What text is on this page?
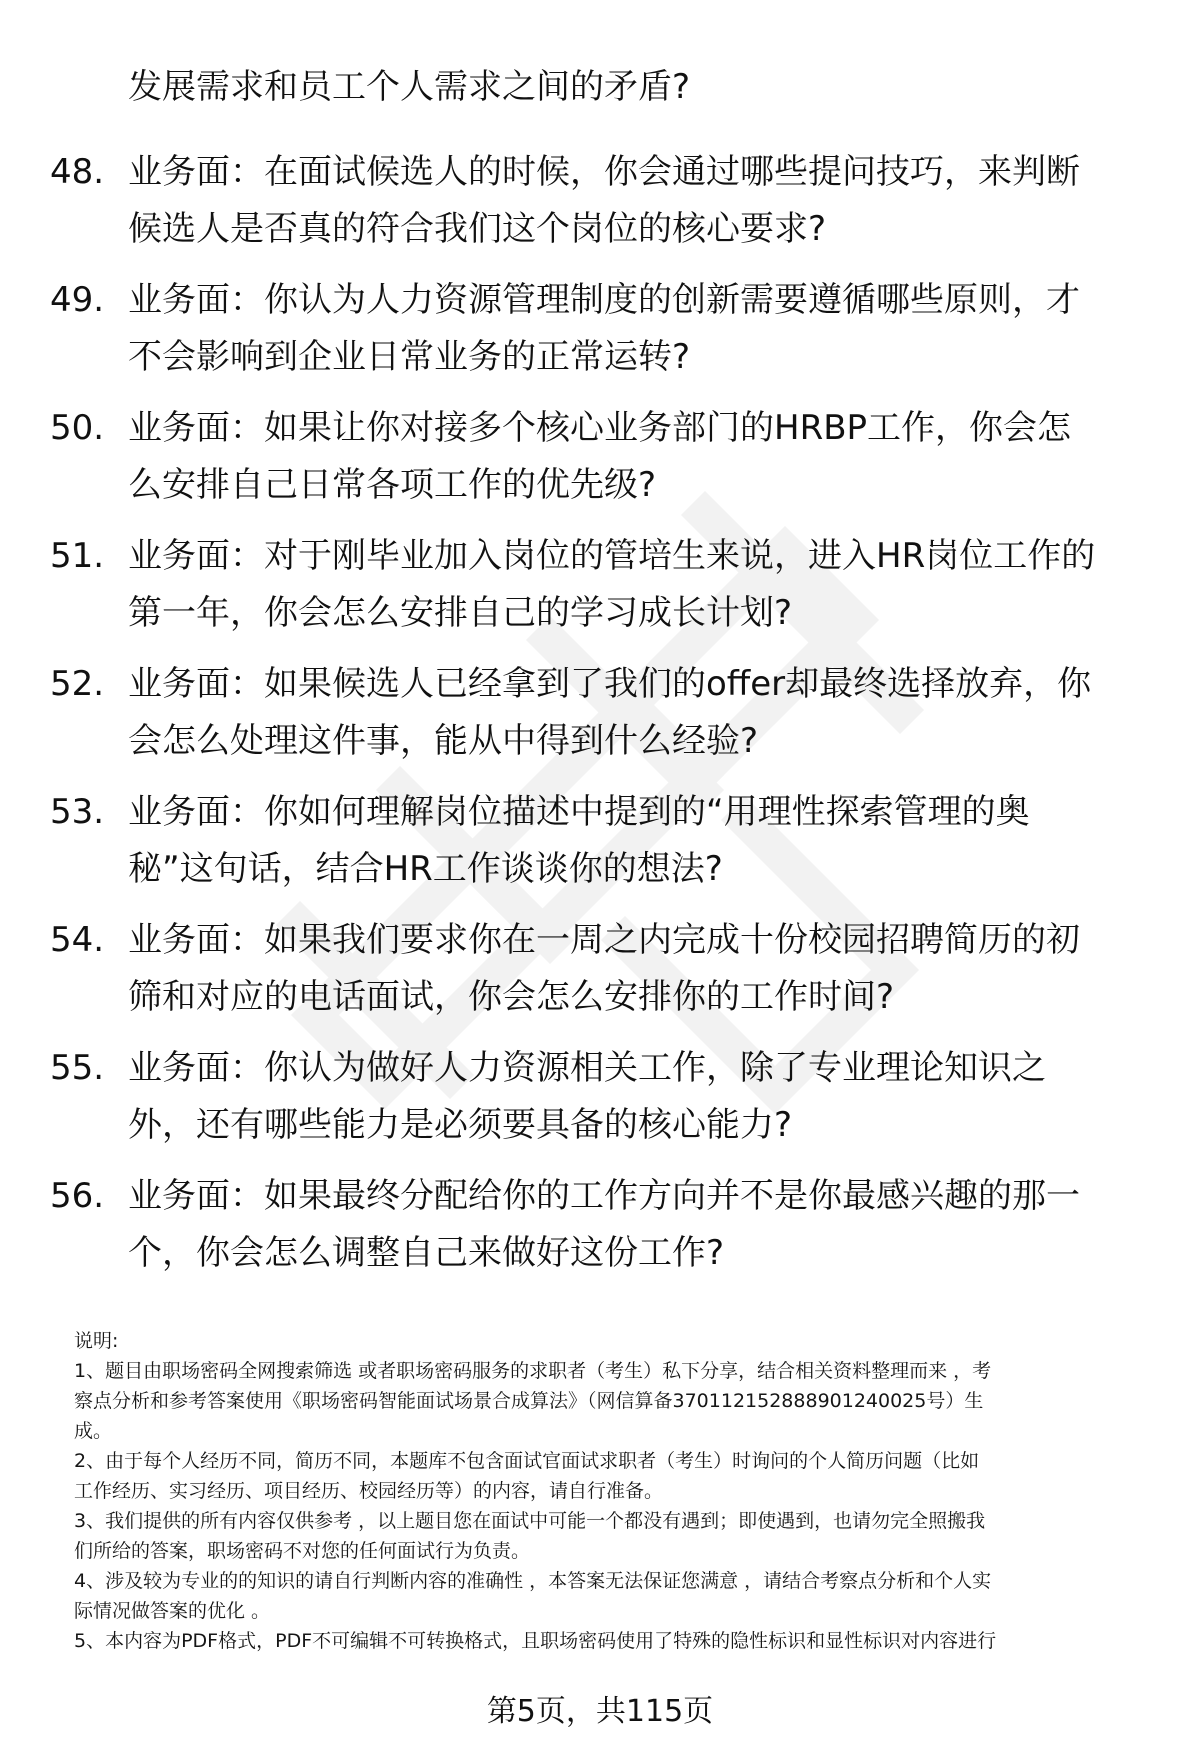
发展需求和员工个人需求之间的矛盾?
48. 业务面：在面试候选人的时候，你会通过哪些提问技巧，来判断
候选人是否真的符合我们这个岗位的核心要求?
49. 业务面：你认为人力资源管理制度的创新需要遵循哪些原则，才
不会影响到企业日常业务的正常运转?
50. 业务面：如果让你对接多个核心业务部门的HRBP工作，你会怎
么安排自己日常各项工作的优先级?
51. 业务面：对于刚毕业加入岗位的管培生来说，进入HR岗位工作的
第一年，你会怎么安排自己的学习成长计划?
52. 业务面：如果候选人已经拿到了我们的offer却最终选择放弃，你
会怎么处理这件事，能从中得到什么经验?
53. 业务面：你如何理解岗位描述中提到的“用理性探索管理的奥
秘”这句话，结合HR工作谈谈你的想法?
54. 业务面：如果我们要求你在一周之内完成十份校园招聘简历的初
筛和对应的电话面试，你会怎么安排你的工作时间?
55. 业务面：你认为做好人力资源相关工作，除了专业理论知识之
外，还有哪些能力是必须要具备的核心能力?
56. 业务面：如果最终分配给你的工作方向并不是你最感兴趣的那一
个，你会怎么调整自己来做好这份工作?
说明:
1、题目由职场密码全网搜索筛选 或者职场密码服务的求职者（考生）私下分享，结合相关资料整理而来 ，考
察点分析和参考答案使用《职场密码智能面试场景合成算法》（网信算备370112152888901240025号）生
成。
2、由于每个人经历不同，简历不同，本题库不包含面试官面试求职者（考生）时询问的个人简历问题（比如
工作经历、实习经历、项目经历、校园经历等）的内容，请自行准备。
3、我们提供的所有内容仅供参考 ，以上题目您在面试中可能一个都没有遇到；即使遇到，也请勿完全照搬我
们所给的答案，职场密码不对您的任何面试行为负责。
4、涉及较为专业的的知识的请自行判断内容的准确性 ，本答案无法保证您满意 ，请结合考察点分析和个人实
际情况做答案的优化 。
5、本内容为PDF格式，PDF不可编辑不可转换格式，且职场密码使用了特殊的隐性标识和显性标识对内容进行
第5页，共115页
